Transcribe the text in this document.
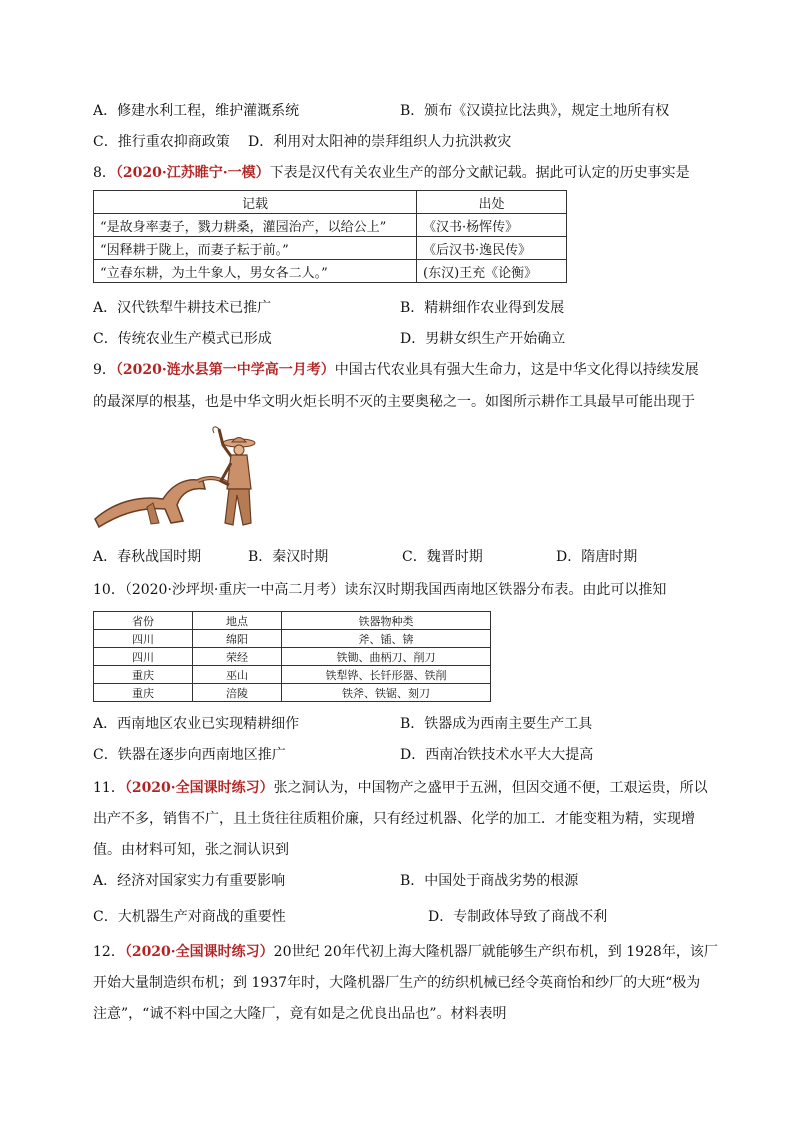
A．修建水利工程，维护灌溉系统	B．颁布《汉谟拉比法典》，规定土地所有权
C．推行重农抑商政策 D．利用对太阳神的崇拜组织人力抗洪救灾
8．（2020·江苏睢宁·一模）下表是汉代有关农业生产的部分文献记载。据此可认定的历史事实是
记载	出处
“是故身率妻子，戮力耕桑，灌园治产，以给公上”	《汉书·杨恽传》
“因释耕于陇上，而妻子耘于前。”	《后汉书·逸民传》
“立春东耕，为土牛象人，男女各二人。”	(东汉)王充《论衡》
A．汉代铁犁牛耕技术已推广	B．精耕细作农业得到发展
C．传统农业生产模式已形成	D．男耕女织生产开始确立
9．（2020·涟水县第一中学高一月考）中国古代农业具有强大生命力，这是中华文化得以持续发展
的最深厚的根基，也是中华文明火炬长明不灭的主要奥秘之一。如图所示耕作工具最早可能出现于
A．春秋战国时期	B．秦汉时期	C．魏晋时期	D．隋唐时期
10．（2020·沙坪坝·重庆一中高二月考）读东汉时期我国西南地区铁器分布表。由此可以推知
省份	地点	铁器物种类
四川	绵阳	斧、锸、锛
四川	荣经	铁锄、曲柄刀、削刀
重庆	巫山	铁犁铧、长钎形器、铁削
重庆	涪陵	铁斧、铁锯、刻刀
A．西南地区农业已实现精耕细作	B．铁器成为西南主要生产工具
C．铁器在逐步向西南地区推广	D．西南冶铁技术水平大大提高
11．（2020·全国课时练习）张之洞认为，中国物产之盛甲于五洲，但因交通不便，工艰运贵，所以
出产不多，销售不广，且土货往往质粗价廉，只有经过机器、化学的加工．才能变粗为精，实现增
值。由材料可知，张之洞认识到
A．经济对国家实力有重要影响	B．中国处于商战劣势的根源
C．大机器生产对商战的重要性	D．专制政体导致了商战不利
12．（2020·全国课时练习）20世纪 20年代初上海大隆机器厂就能够生产织布机，到 1928年，该厂
开始大量制造织布机；到 1937年时，大隆机器厂生产的纺织机械已经令英商怡和纱厂的大班“极为
注意”，“诚不料中国之大隆厂，竟有如是之优良出品也”。材料表明
